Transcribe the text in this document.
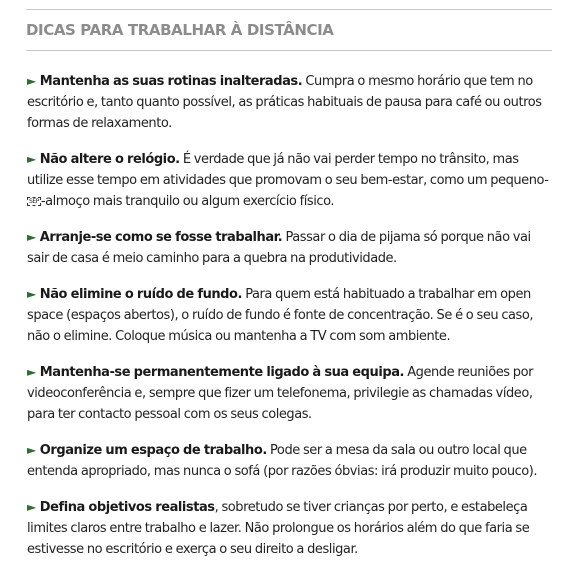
DICAS PARA TRABALHAR À DISTÂNCIA

► Mantenha as suas rotinas inalteradas. Cumpra o mesmo horário que tem no escritório e, tanto quanto possível, as práticas habituais de pausa para café ou outros formas de relaxamento.

► Não altere o relógio. É verdade que já não vai perder tempo no trânsito, mas utilize esse tempo em atividades que promovam o seu bem-estar, como um pequeno-SEP -almoço mais tranquilo ou algum exercício físico.

► Arranje-se como se fosse trabalhar. Passar o dia de pijama só porque não vai sair de casa é meio caminho para a quebra na produtividade.

► Não elimine o ruído de fundo. Para quem está habituado a trabalhar em open space (espaços abertos), o ruído de fundo é fonte de concentração. Se é o seu caso, não o elimine. Coloque música ou mantenha a TV com som ambiente.

► Mantenha-se permanentemente ligado à sua equipa. Agende reuniões por videoconferência e, sempre que fizer um telefonema, privilegie as chamadas vídeo, para ter contacto pessoal com os seus colegas.

► Organize um espaço de trabalho. Pode ser a mesa da sala ou outro local que entenda apropriado, mas nunca o sofá (por razões óbvias: irá produzir muito pouco).

► Defina objetivos realistas, sobretudo se tiver crianças por perto, e estabeleça limites claros entre trabalho e lazer. Não prolongue os horários além do que faria se estivesse no escritório e exerça o seu direito a desligar.
